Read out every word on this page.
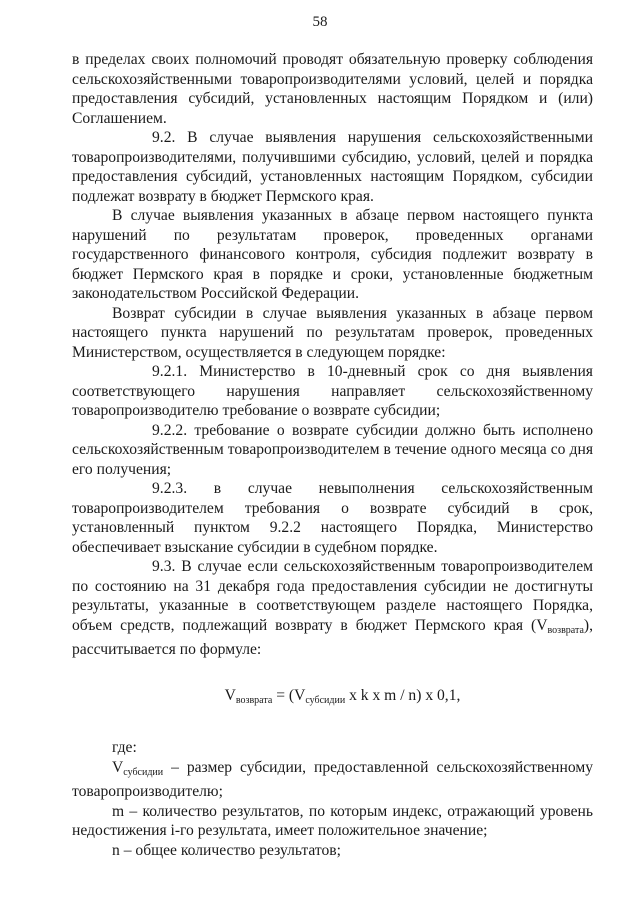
58

в пределах своих полномочий проводят обязательную проверку соблюдения сельскохозяйственными товаропроизводителями условий, целей и порядка предоставления субсидий, установленных настоящим Порядком и (или) Соглашением.

9.2. В случае выявления нарушения сельскохозяйственными товаропроизводителями, получившими субсидию, условий, целей и порядка предоставления субсидий, установленных настоящим Порядком, субсидии подлежат возврату в бюджет Пермского края.

В случае выявления указанных в абзаце первом настоящего пункта нарушений по результатам проверок, проведенных органами государственного финансового контроля, субсидия подлежит возврату в бюджет Пермского края в порядке и сроки, установленные бюджетным законодательством Российской Федерации.

Возврат субсидии в случае выявления указанных в абзаце первом настоящего пункта нарушений по результатам проверок, проведенных Министерством, осуществляется в следующем порядке:

9.2.1. Министерство в 10-дневный срок со дня выявления соответствующего нарушения направляет сельскохозяйственному товаропроизводителю требование о возврате субсидии;

9.2.2. требование о возврате субсидии должно быть исполнено сельскохозяйственным товаропроизводителем в течение одного месяца со дня его получения;

9.2.3. в случае невыполнения сельскохозяйственным товаропроизводителем требования о возврате субсидий в срок, установленный пунктом 9.2.2 настоящего Порядка, Министерство обеспечивает взыскание субсидии в судебном порядке.

9.3. В случае если сельскохозяйственным товаропроизводителем по состоянию на 31 декабря года предоставления субсидии не достигнуты результаты, указанные в соответствующем разделе настоящего Порядка, объем средств, подлежащий возврату в бюджет Пермского края $(V_{возврата})$, рассчитывается по формуле:

$V_{возврата} = (V_{субсидии}$ x k x m / n) x 0,1,

где:

$V_{субсидии}$ – размер субсидии, предоставленной сельскохозяйственному товаропроизводителю;

m – количество результатов, по которым индекс, отражающий уровень недостижения i-го результата, имеет положительное значение;

n – общее количество результатов;
